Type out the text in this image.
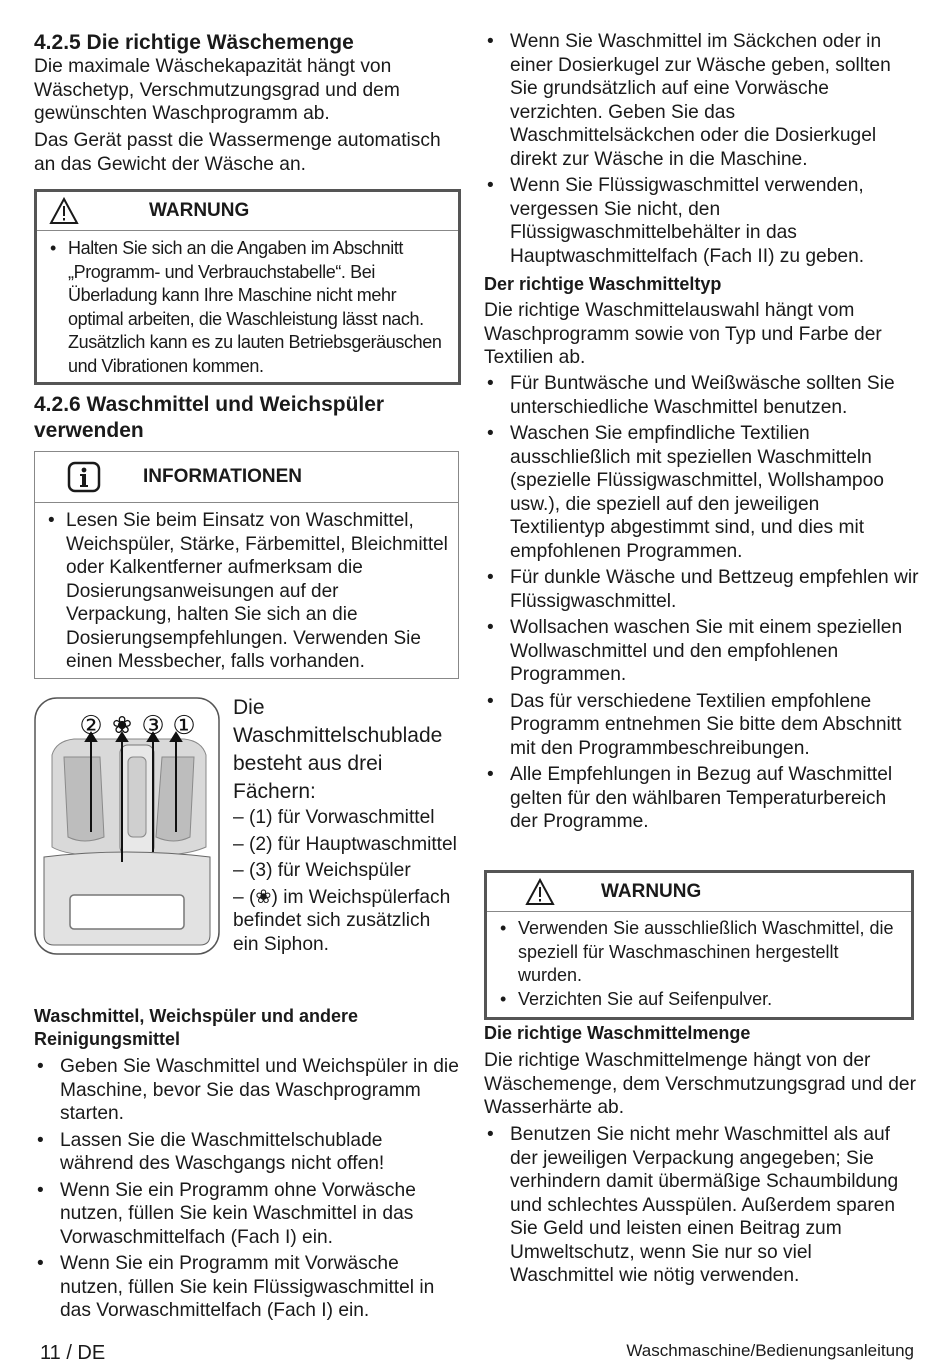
4.2.5 Die richtige Wäschemenge

Die maximale Wäschekapazität hängt von Wäschetyp, Verschmutzungsgrad und dem gewünschten Waschprogramm ab.

Das Gerät passt die Wassermenge automatisch an das Gewicht der Wäsche an.

WARNUNG
• Halten Sie sich an die Angaben im Abschnitt „Programm- und Verbrauchstabelle“. Bei Überladung kann Ihre Maschine nicht mehr optimal arbeiten, die Waschleistung lässt nach. Zusätzlich kann es zu lauten Betriebsgeräuschen und Vibrationen kommen.
4.2.6 Waschmittel und Weichspüler verwenden
INFORMATIONEN
• Lesen Sie beim Einsatz von Waschmittel, Weichspüler, Stärke, Färbemittel, Bleichmittel oder Kalkentferner aufmerksam die Dosierungsanweisungen auf der Verpackung, halten Sie sich an die Dosierungsempfehlungen. Verwenden Sie einen Messbecher, falls vorhanden.
② ❀ ③ ①

Die Waschmittelschublade besteht aus drei Fächern:

– (1) für Vorwaschmittel

– (2) für Hauptwaschmittel

– (3) für Weichspüler

– (❀) im Weichspülerfach befindet sich zusätzlich ein Siphon.

Waschmittel, Weichspüler und andere Reinigungsmittel
• Geben Sie Waschmittel und Weichspüler in die Maschine, bevor Sie das Waschprogramm starten.
• Lassen Sie die Waschmittelschublade während des Waschgangs nicht offen!
• Wenn Sie ein Programm ohne Vorwäsche nutzen, füllen Sie kein Waschmittel in das Vorwaschmittelfach (Fach I) ein.
• Wenn Sie ein Programm mit Vorwäsche nutzen, füllen Sie kein Flüssigwaschmittel in das Vorwaschmittelfach (Fach I) ein.
• Wenn Sie Waschmittel im Säckchen oder in einer Dosierkugel zur Wäsche geben, sollten Sie grundsätzlich auf eine Vorwäsche verzichten. Geben Sie das Waschmittelsäckchen oder die Dosierkugel direkt zur Wäsche in die Maschine.
• Wenn Sie Flüssigwaschmittel verwenden, vergessen Sie nicht, den Flüssigwaschmittelbehälter in das Hauptwaschmittelfach (Fach II) zu geben.
Der richtige Waschmitteltyp

Die richtige Waschmittelauswahl hängt vom Waschprogramm sowie von Typ und Farbe der Textilien ab.

• Für Buntwäsche und Weißwäsche sollten Sie unterschiedliche Waschmittel benutzen.
• Waschen Sie empfindliche Textilien ausschließlich mit speziellen Waschmitteln (spezielle Flüssigwaschmittel, Wollshampoo usw.), die speziell auf den jeweiligen Textilientyp abgestimmt sind, und dies mit empfohlenen Programmen.
• Für dunkle Wäsche und Bettzeug empfehlen wir Flüssigwaschmittel.
• Wollsachen waschen Sie mit einem speziellen Wollwaschmittel und den empfohlenen Programmen.
• Das für verschiedene Textilien empfohlene Programm entnehmen Sie bitte dem Abschnitt mit den Programmbeschreibungen.
• Alle Empfehlungen in Bezug auf Waschmittel gelten für den wählbaren Temperaturbereich der Programme.
WARNUNG
• Verwenden Sie ausschließlich Waschmittel, die speziell für Waschmaschinen hergestellt wurden.
• Verzichten Sie auf Seifenpulver.
Die richtige Waschmittelmenge

Die richtige Waschmittelmenge hängt von der Wäschemenge, dem Verschmutzungsgrad und der Wasserhärte ab.

• Benutzen Sie nicht mehr Waschmittel als auf der jeweiligen Verpackung angegeben; Sie verhindern damit übermäßige Schaumbildung und schlechtes Ausspülen. Außerdem sparen Sie Geld und leisten einen Beitrag zum Umweltschutz, wenn Sie nur so viel Waschmittel wie nötig verwenden.
11 / DE	Waschmaschine/Bedienungsanleitung
